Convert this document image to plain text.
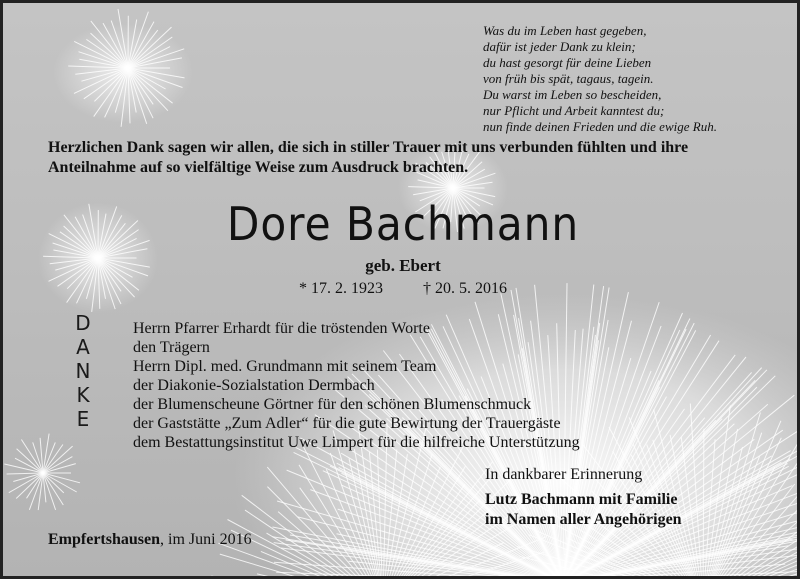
Was du im Leben hast gegeben,
dafür ist jeder Dank zu klein;
du hast gesorgt für deine Lieben
von früh bis spät, tagaus, tagein.
Du warst im Leben so bescheiden,
nur Pflicht und Arbeit kanntest du;
nun finde deinen Frieden und die ewige Ruh.

Herzlichen Dank sagen wir allen, die sich in stiller Trauer mit uns verbunden fühlten und ihre Anteilnahme auf so vielfältige Weise zum Ausdruck brachten.

Dore Bachmann
geb. Ebert
* 17. 2. 1923	† 20. 5. 2016
D
A
N
K
E
Herrn Pfarrer Erhardt für die tröstenden Worte
den Trägern
Herrn Dipl. med. Grundmann mit seinem Team
der Diakonie-Sozialstation Dermbach
der Blumenscheune Görtner für den schönen Blumenschmuck
der Gaststätte „Zum Adler“ für die gute Bewirtung der Trauergäste
dem Bestattungsinstitut Uwe Limpert für die hilfreiche Unterstützung
In dankbarer Erinnerung
Lutz Bachmann mit Familie
im Namen aller Angehörigen
Empfertshausen, im Juni 2016
